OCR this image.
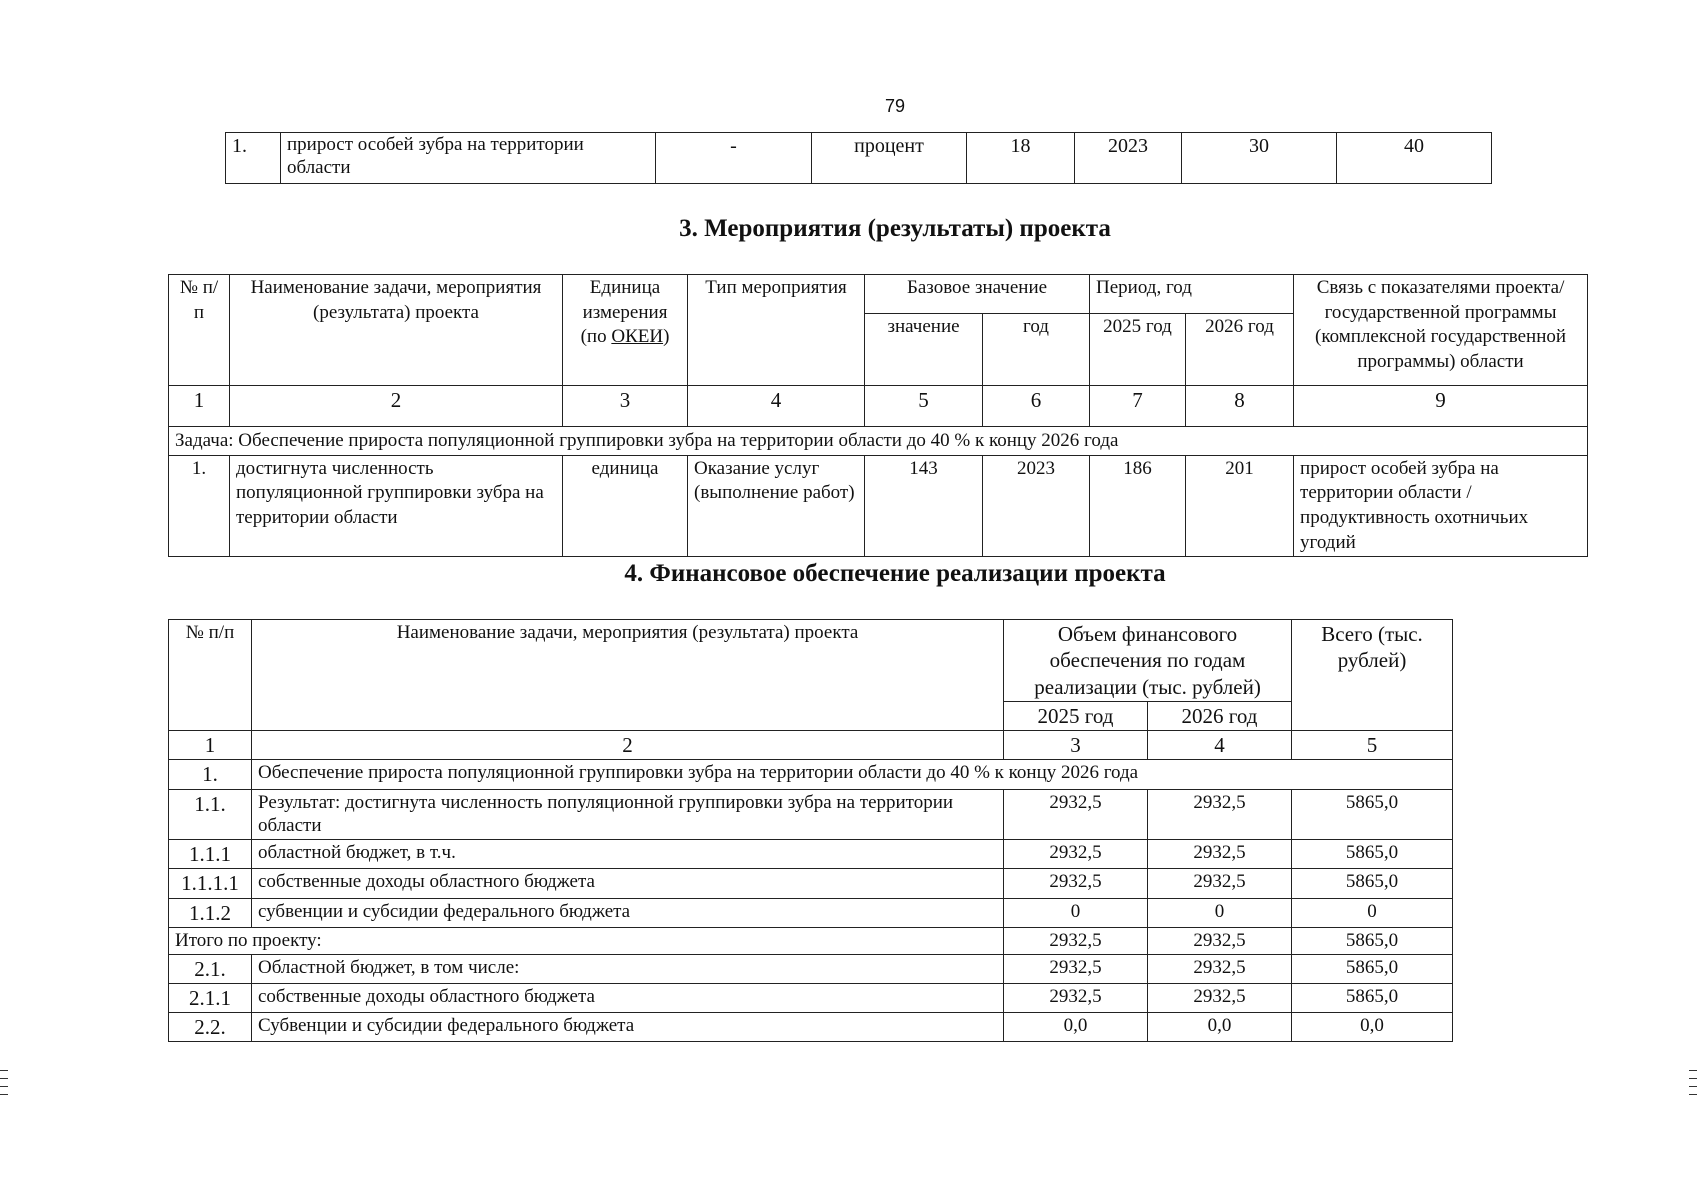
79
1.	прирост особей зубра на территории области	-	процент	18	2023	30	40
3. Мероприятия (результаты) проекта
№ п/п	Наименование задачи, мероприятия (результата) проекта	Единица измерения (по ОКЕИ)	Тип мероприятия	Базовое значение		Период, год		Связь с показателями проекта/государственной программы (комплексной государственной программы) области
				значение	год	2025 год	2026 год	
1	2	3	4	5	6	7	8	9
Задача: Обеспечение прироста популяционной группировки зубра на территории области до 40 % к концу 2026 года								
1.	достигнута численность популяционной группировки зубра на территории области	единица	Оказание услуг (выполнение работ)	143	2023	186	201	прирост особей зубра на территории области / продуктивность охотничьих угодий
4. Финансовое обеспечение реализации проекта
№ п/п	Наименование задачи, мероприятия (результата) проекта	Объем финансового обеспечения по годам реализации (тыс. рублей)		Всего (тыс. рублей)
		2025 год	2026 год	
1	2	3	4	5
1.	Обеспечение прироста популяционной группировки зубра на территории области до 40 % к концу 2026 года			
1.1.	Результат: достигнута численность популяционной группировки зубра на территории области	2932,5	2932,5	5865,0
1.1.1	областной бюджет, в т.ч.	2932,5	2932,5	5865,0
1.1.1.1	собственные доходы областного бюджета	2932,5	2932,5	5865,0
1.1.2	субвенции и субсидии федерального бюджета	0	0	0
Итого по проекту:		2932,5	2932,5	5865,0
2.1.	Областной бюджет, в том числе:	2932,5	2932,5	5865,0
2.1.1	собственные доходы областного бюджета	2932,5	2932,5	5865,0
2.2.	Субвенции и субсидии федерального бюджета	0,0	0,0	0,0
